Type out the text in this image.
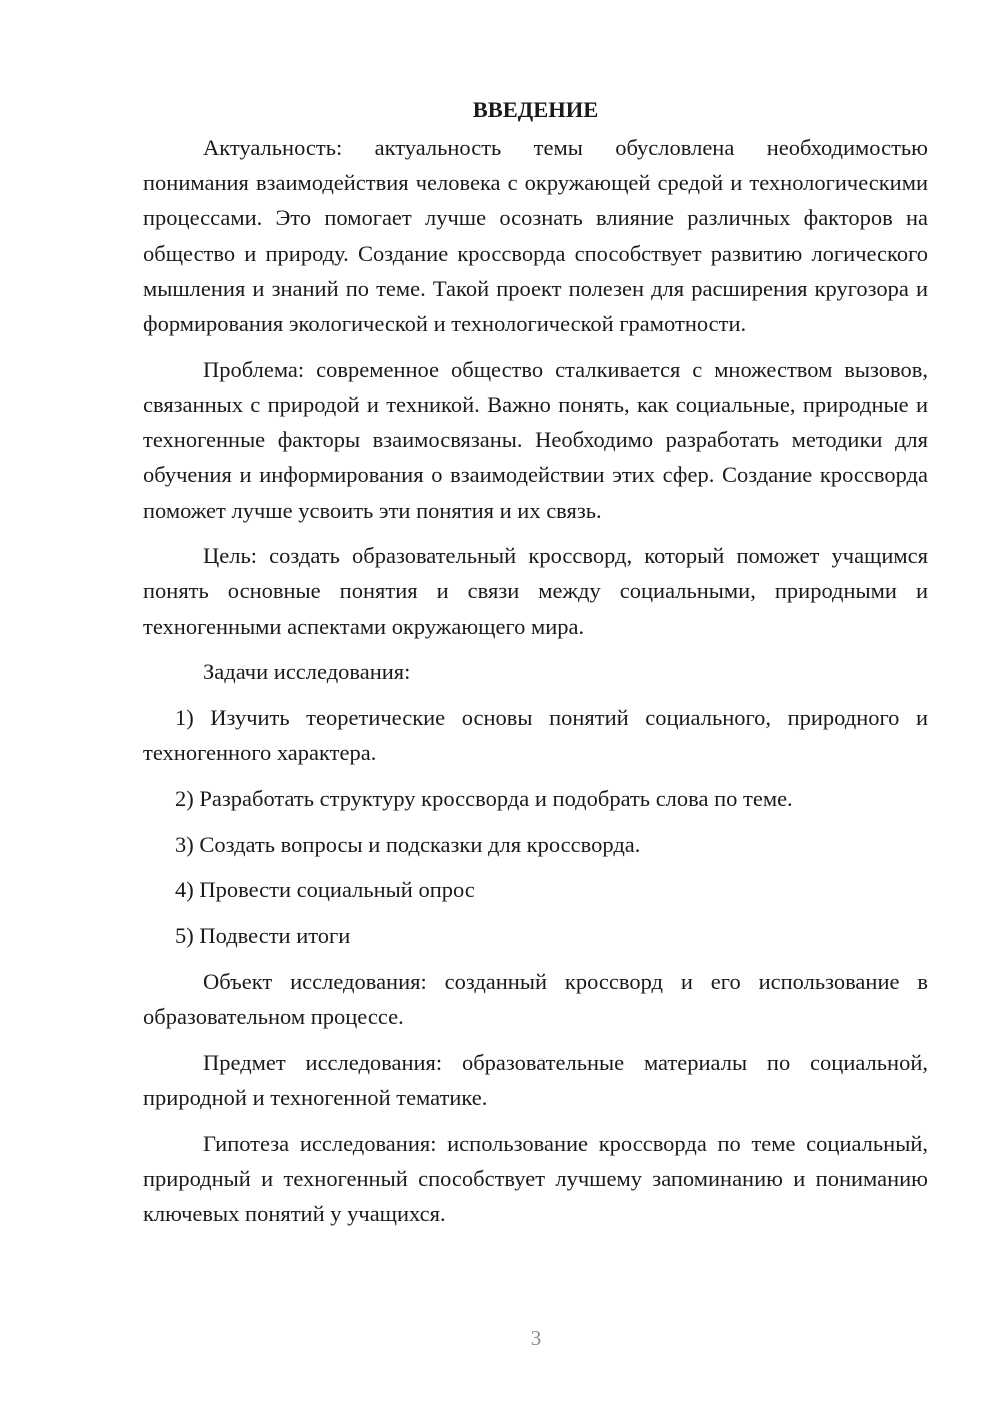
ВВЕДЕНИЕ

Актуальность: актуальность темы обусловлена необходимостью понимания взаимодействия человека с окружающей средой и технологическими процессами. Это помогает лучше осознать влияние различных факторов на общество и природу. Создание кроссворда способствует развитию логического мышления и знаний по теме. Такой проект полезен для расширения кругозора и формирования экологической и технологической грамотности.

Проблема: современное общество сталкивается с множеством вызовов, связанных с природой и техникой. Важно понять, как социальные, природные и техногенные факторы взаимосвязаны. Необходимо разработать методики для обучения и информирования о взаимодействии этих сфер. Создание кроссворда поможет лучше усвоить эти понятия и их связь.

Цель: создать образовательный кроссворд, который поможет учащимся понять основные понятия и связи между социальными, природными и техногенными аспектами окружающего мира.

Задачи исследования:

1) Изучить теоретические основы понятий социального, природного и техногенного характера.

2) Разработать структуру кроссворда и подобрать слова по теме.

3) Создать вопросы и подсказки для кроссворда.

4) Провести социальный опрос

5) Подвести итоги

Объект исследования: созданный кроссворд и его использование в образовательном процессе.

Предмет исследования: образовательные материалы по социальной, природной и техногенной тематике.

Гипотеза исследования: использование кроссворда по теме социальный, природный и техногенный способствует лучшему запоминанию и пониманию ключевых понятий у учащихся.

3
